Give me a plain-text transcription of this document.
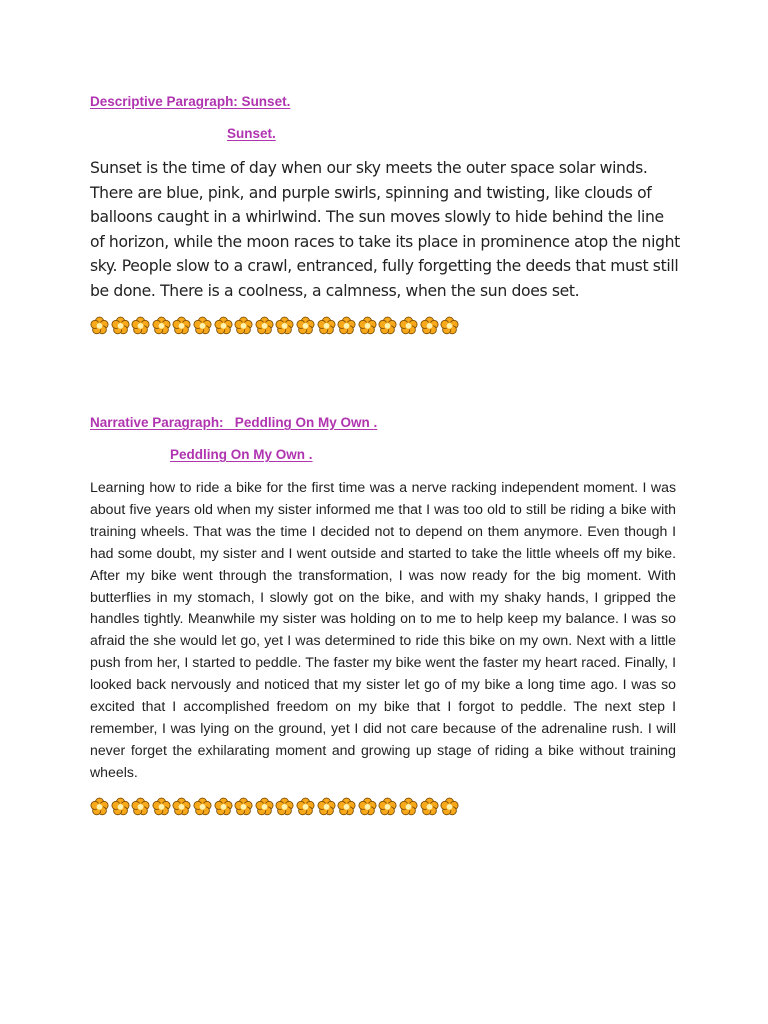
Descriptive Paragraph: Sunset.

Sunset.

Sunset is the time of day when our sky meets the outer space solar winds. There are blue, pink, and purple swirls, spinning and twisting, like clouds of balloons caught in a whirlwind. The sun moves slowly to hide behind the line of horizon, while the moon races to take its place in prominence atop the night sky. People slow to a crawl, entranced, fully forgetting the deeds that must still be done. There is a coolness, a calmness, when the sun does set.

Narrative Paragraph:   Peddling On My Own .

Peddling On My Own .

Learning how to ride a bike for the first time was a nerve racking independent moment. I was about five years old when my sister informed me that I was too old to still be riding a bike with training wheels. That was the time I decided not to depend on them anymore. Even though I had some doubt, my sister and I went outside and started to take the little wheels off my bike. After my bike went through the transformation, I was now ready for the big moment. With butterflies in my stomach, I slowly got on the bike, and with my shaky hands, I gripped the handles tightly. Meanwhile my sister was holding on to me to help keep my balance. I was so afraid the she would let go, yet I was determined to ride this bike on my own. Next with a little push from her, I started to peddle. The faster my bike went the faster my heart raced. Finally, I looked back nervously and noticed that my sister let go of my bike a long time ago. I was so excited that I accomplished freedom on my bike that I forgot to peddle. The next step I remember, I was lying on the ground, yet I did not care because of the adrenaline rush. I will never forget the exhilarating moment and growing up stage of riding a bike without training wheels.
